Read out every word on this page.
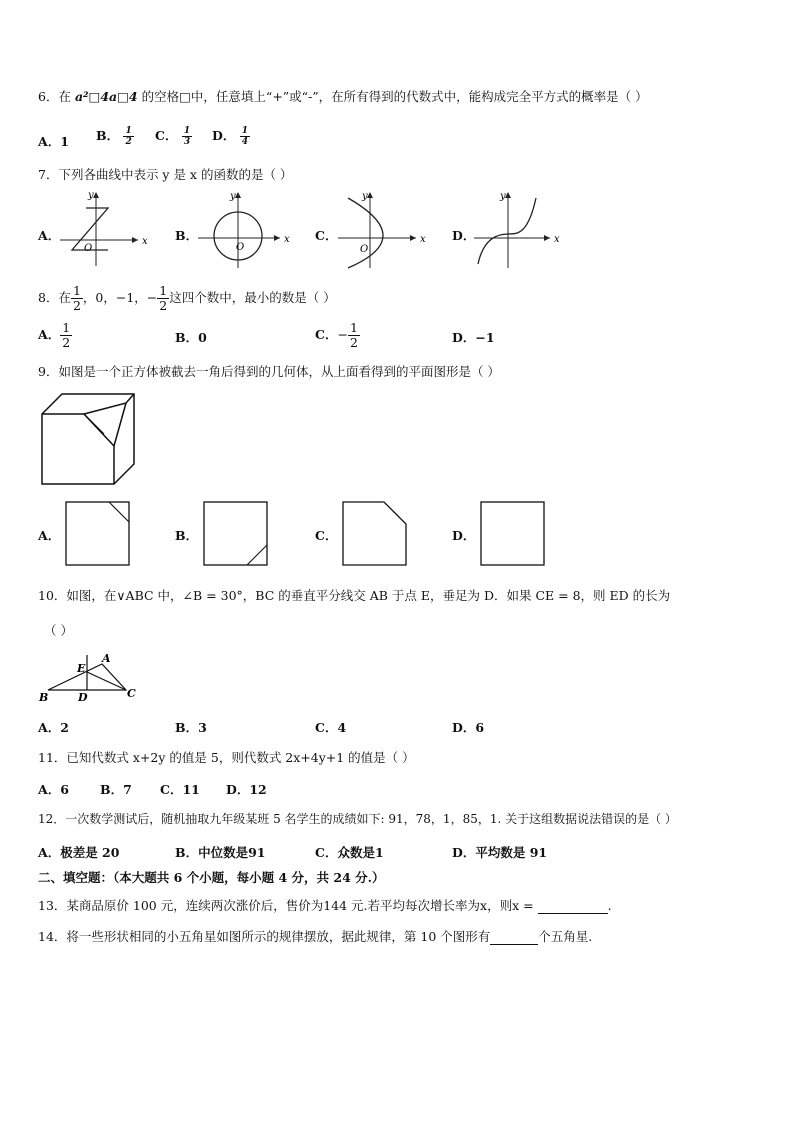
6．在 a²□4a□4 的空格□中，任意填上“+”或“-”，在所有得到的代数式中，能构成完全平方式的概率是（ ）
A．1 B． $\frac{1}{2}$ C． $\frac{1}{3}$ D． $\frac{1}{4}$
7．下列各曲线中表示 y 是 x 的函数的是（ ）
A．	x
y
O
B．	x
y
O
C．	x
y
O
D．	x
y
8．在 $\frac{1}{2}$ ，0，−1，− $\frac{1}{2}$ 这四个数中，最小的数是（ ）
A． $\frac{1}{2}$	B．0	C．− $\frac{1}{2}$	D．−1
9．如图是一个正方体被截去一角后得到的几何体，从上面看得到的平面图形是（ ）
A．	B．	C．	D．
10．如图，在∨ABC 中，∠B = 30°，BC 的垂直平分线交 AB 于点 E，垂足为 D．如果 CE = 8，则 ED 的长为
（ ）
B	C
A
E
D
A．2	B．3	C．4	D．6
11．已知代数式 x+2y 的值是 5，则代数式 2x+4y+1 的值是（ ）
A．6 B．7 C．11 D．12
12．一次数学测试后，随机抽取九年级某班 5 名学生的成绩如下: 91，78，1，85，1. 关于这组数据说法错误的是（ ）
A．极差是 20	B．中位数是91	C．众数是1	D．平均数是 91
二、填空题：（本大题共 6 个小题，每小题 4 分，共 24 分.）
13．某商品原价 100 元，连续两次涨价后，售价为144 元.若平均每次增长率为x，则x =	.
14．将一些形状相同的小五角星如图所示的规律摆放，据此规律，第 10 个图形有	个五角星.
